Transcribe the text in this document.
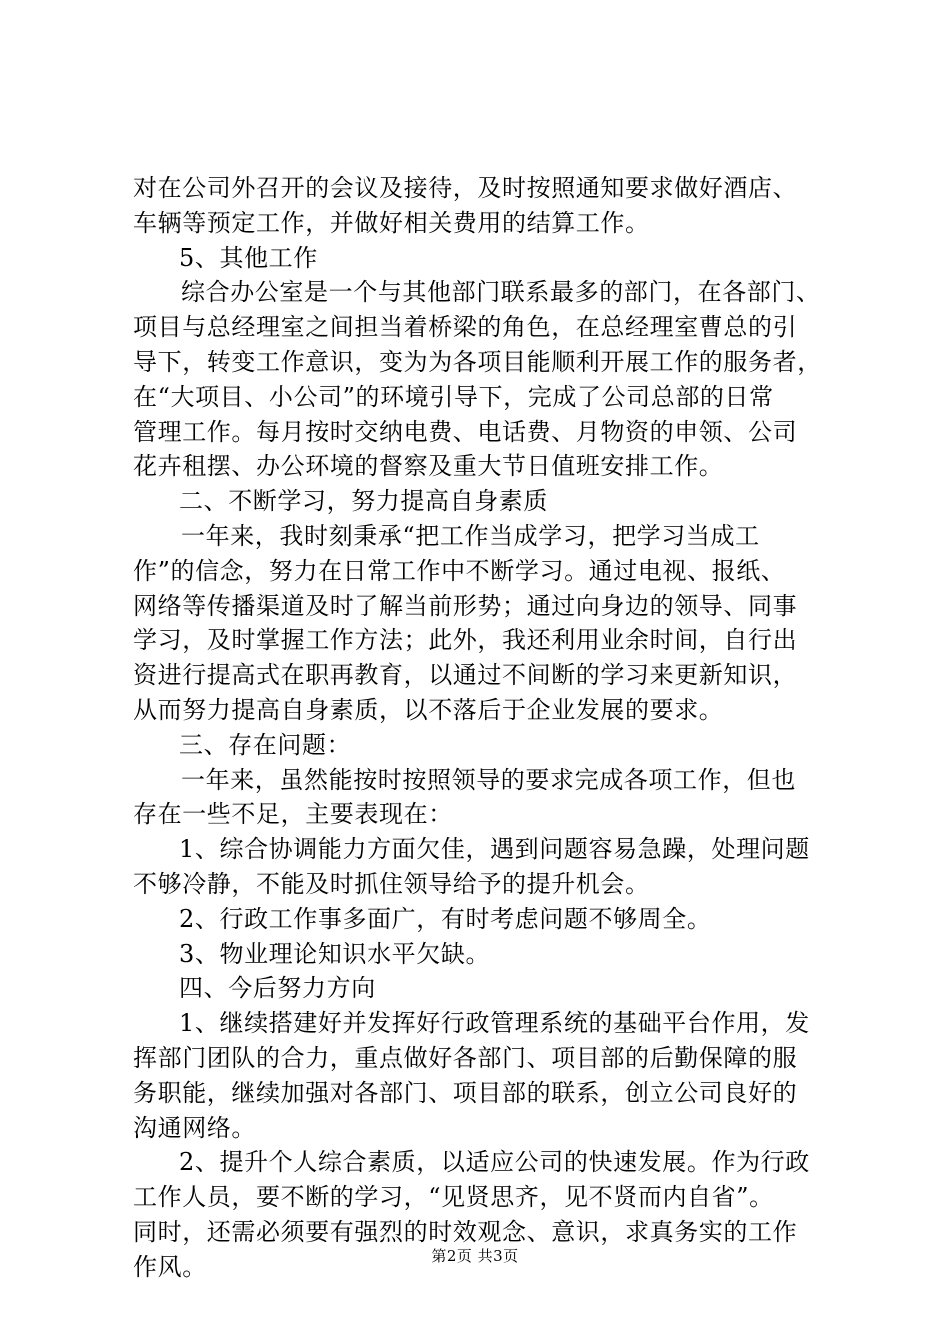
对在公司外召开的会议及接待，及时按照通知要求做好酒店、
车辆等预定工作，并做好相关费用的结算工作。
5、其他工作
综合办公室是一个与其他部门联系最多的部门，在各部门、
项目与总经理室之间担当着桥梁的角色，在总经理室曹总的引
导下，转变工作意识，变为为各项目能顺利开展工作的服务者，
在“大项目、小公司”的环境引导下，完成了公司总部的日常
管理工作。每月按时交纳电费、电话费、月物资的申领、公司
花卉租摆、办公环境的督察及重大节日值班安排工作。
二、不断学习，努力提高自身素质
一年来，我时刻秉承“把工作当成学习，把学习当成工
作”的信念，努力在日常工作中不断学习。通过电视、报纸、
网络等传播渠道及时了解当前形势；通过向身边的领导、同事
学习，及时掌握工作方法；此外，我还利用业余时间，自行出
资进行提高式在职再教育，以通过不间断的学习来更新知识，
从而努力提高自身素质，以不落后于企业发展的要求。
三、存在问题：
一年来，虽然能按时按照领导的要求完成各项工作，但也
存在一些不足，主要表现在：
1、综合协调能力方面欠佳，遇到问题容易急躁，处理问题
不够冷静，不能及时抓住领导给予的提升机会。
2、行政工作事多面广，有时考虑问题不够周全。
3、物业理论知识水平欠缺。
四、今后努力方向
1、继续搭建好并发挥好行政管理系统的基础平台作用，发
挥部门团队的合力，重点做好各部门、项目部的后勤保障的服
务职能，继续加强对各部门、项目部的联系，创立公司良好的
沟通网络。
2、提升个人综合素质，以适应公司的快速发展。作为行政
工作人员，要不断的学习，“见贤思齐，见不贤而内自省”。
同时，还需必须要有强烈的时效观念、意识，求真务实的工作
作风。	第2页 共3页
